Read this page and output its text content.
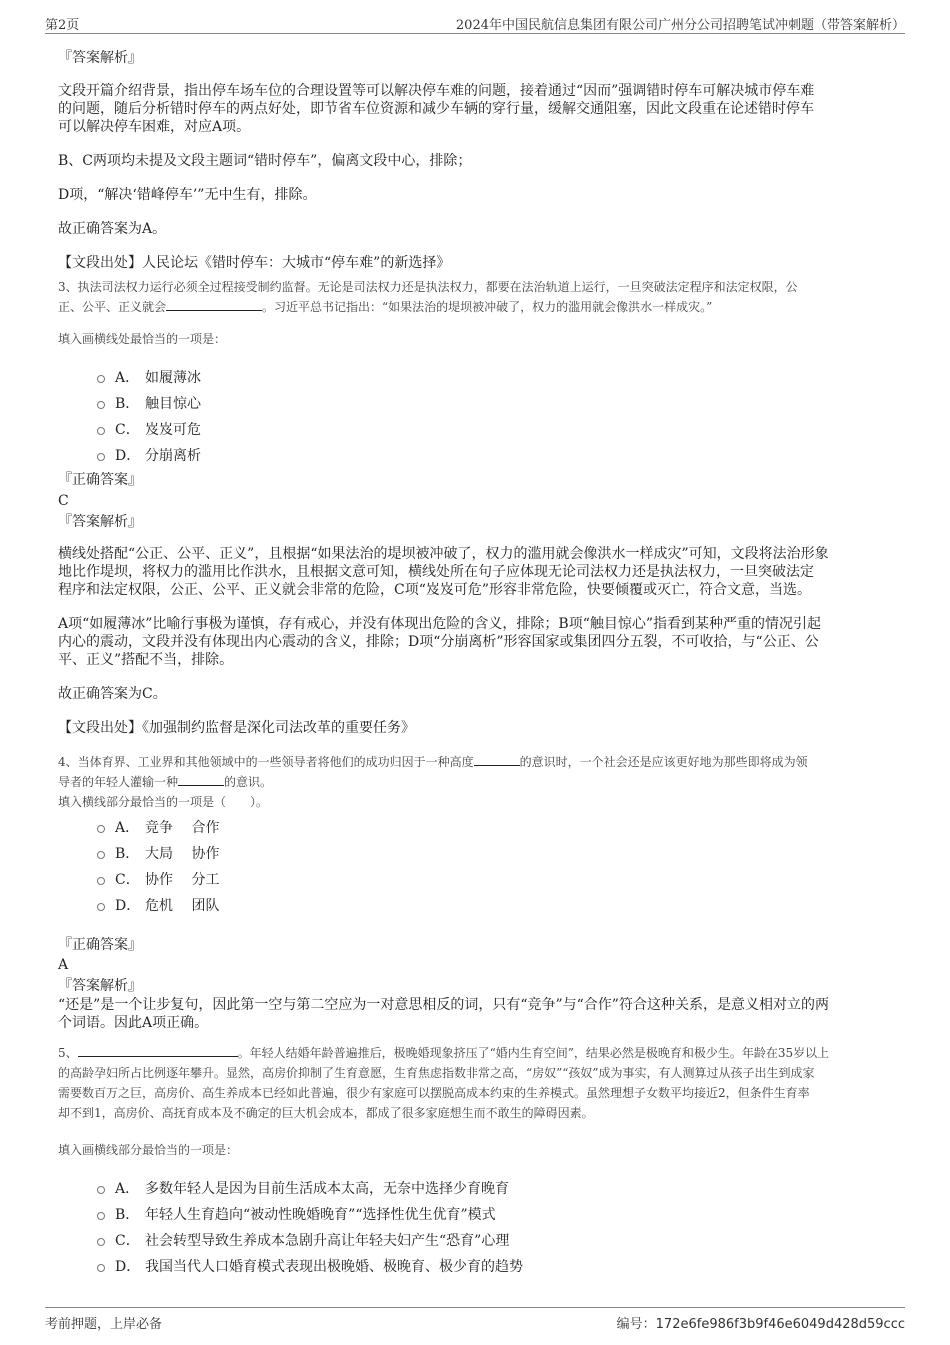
第2页	2024年中国民航信息集团有限公司广州分公司招聘笔试冲刺题（带答案解析）
『答案解析』
文段开篇介绍背景，指出停车场车位的合理设置等可以解决停车难的问题，接着通过“因而”强调错时停车可解决城市停车难
的问题，随后分析错时停车的两点好处，即节省车位资源和减少车辆的穿行量，缓解交通阻塞，因此文段重在论述错时停车
可以解决停车困难，对应A项。
B、C两项均未提及文段主题词“错时停车”，偏离文段中心，排除；
D项，“解决‘错峰停车’”无中生有，排除。
故正确答案为A。
【文段出处】人民论坛《错时停车：大城市“停车难”的新选择》
3、执法司法权力运行必须全过程接受制约监督。无论是司法权力还是执法权力，都要在法治轨道上运行，一旦突破法定程序和法定权限，公
正、公平、正义就会	。习近平总书记指出：“如果法治的堤坝被冲破了，权力的滥用就会像洪水一样成灾。”
填入画横线处最恰当的一项是：
A． 如履薄冰
B． 触目惊心
C． 岌岌可危
D． 分崩离析
『正确答案』
C
『答案解析』
横线处搭配“公正、公平、正义”，且根据“如果法治的堤坝被冲破了，权力的滥用就会像洪水一样成灾”可知，文段将法治形象
地比作堤坝，将权力的滥用比作洪水，且根据文意可知，横线处所在句子应体现无论司法权力还是执法权力，一旦突破法定
程序和法定权限，公正、公平、正义就会非常的危险，C项“岌岌可危”形容非常危险，快要倾覆或灭亡，符合文意，当选。
A项“如履薄冰”比喻行事极为谨慎，存有戒心，并没有体现出危险的含义，排除；B项“触目惊心”指看到某种严重的情况引起
内心的震动，文段并没有体现出内心震动的含义，排除；D项“分崩离析”形容国家或集团四分五裂，不可收拾，与“公正、公
平、正义”搭配不当，排除。
故正确答案为C。
【文段出处】《加强制约监督是深化司法改革的重要任务》
4、当体育界、工业界和其他领域中的一些领导者将他们的成功归因于一种高度	的意识时，一个社会还是应该更好地为那些即将成为领
导者的年轻人灌输一种	的意识。
填入横线部分最恰当的一项是（　　）。
A． 竞争　 合作
B． 大局　 协作
C． 协作　 分工
D． 危机　 团队
『正确答案』
A
『答案解析』
“还是”是一个让步复句，因此第一空与第二空应为一对意思相反的词，只有“竞争”与“合作”符合这种关系，是意义相对立的两
个词语。因此A项正确。
5、	。年轻人结婚年龄普遍推后，极晚婚现象挤压了“婚内生育空间”，结果必然是极晚育和极少生。年龄在35岁以上
的高龄孕妇所占比例逐年攀升。显然，高房价抑制了生育意愿，生育焦虑指数非常之高，“房奴”“孩奴”成为事实，有人测算过从孩子出生到成家
需要数百万之巨，高房价、高生养成本已经如此普遍，很少有家庭可以摆脱高成本约束的生养模式。虽然理想子女数平均接近2，但条件生育率
却不到1，高房价、高抚育成本及不确定的巨大机会成本，都成了很多家庭想生而不敢生的障碍因素。
填入画横线部分最恰当的一项是：
A． 多数年轻人是因为目前生活成本太高，无奈中选择少育晚育
B． 年轻人生育趋向“被动性晚婚晚育”“选择性优生优育”模式
C． 社会转型导致生养成本急剧升高让年轻夫妇产生“恐育”心理
D． 我国当代人口婚育模式表现出极晚婚、极晚育、极少育的趋势
考前押题，上岸必备	编号：172e6fe986f3b9f46e6049d428d59ccc
